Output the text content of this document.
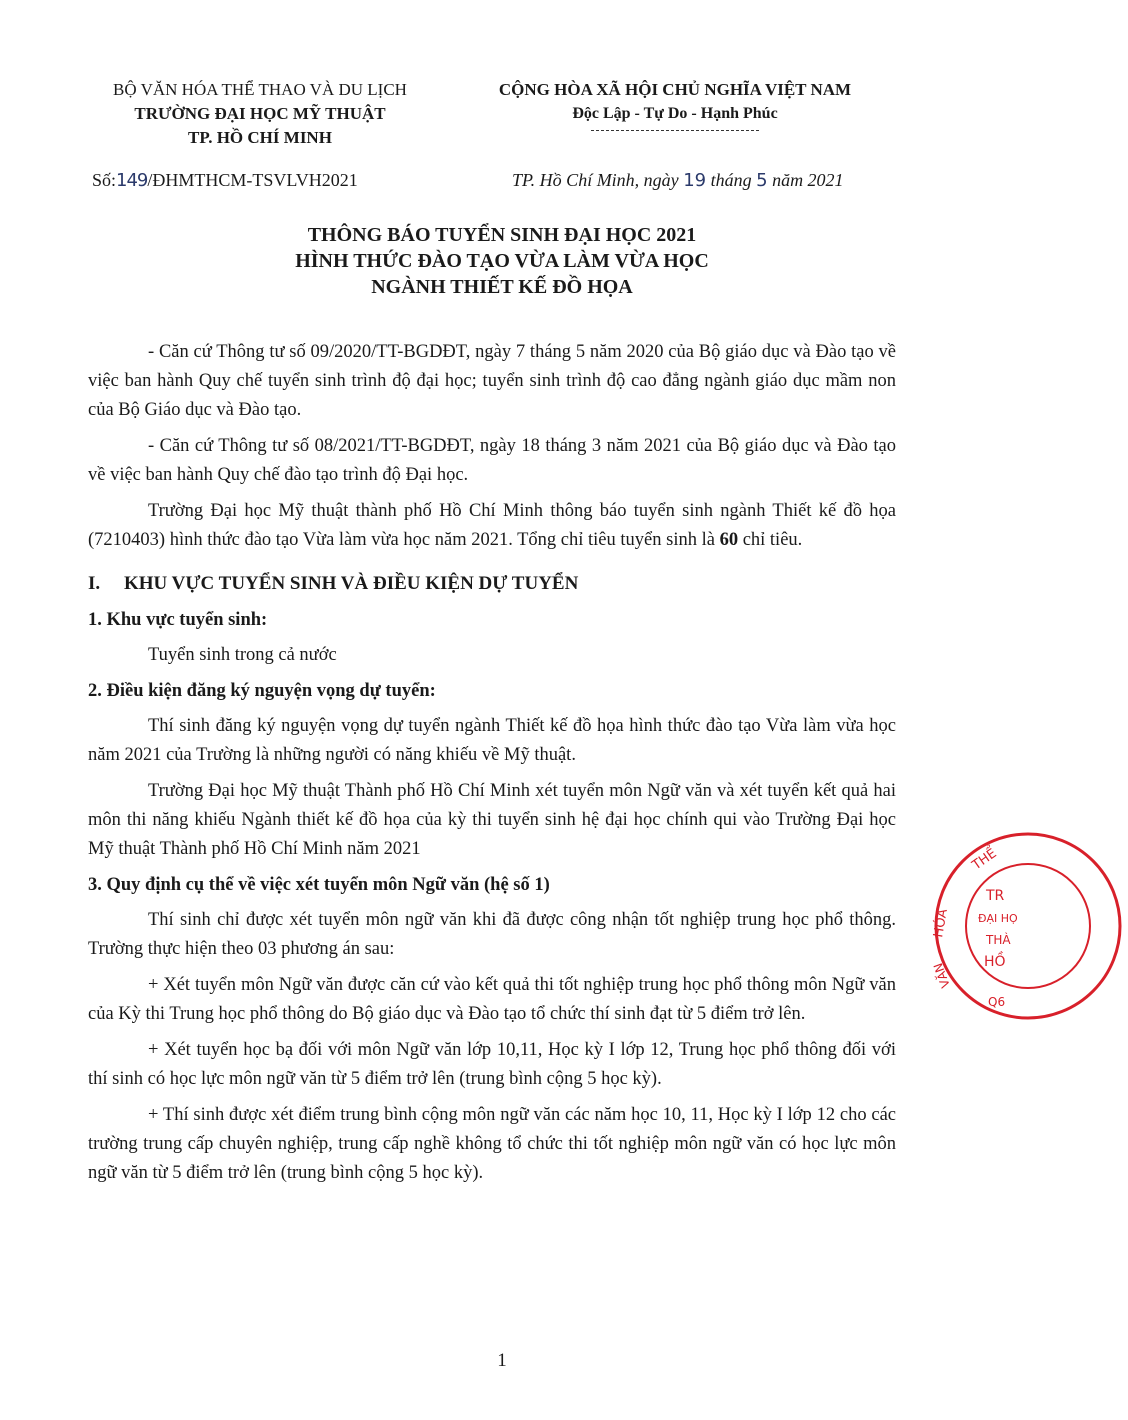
BỘ VĂN HÓA THỂ THAO VÀ DU LỊCH
TRƯỜNG ĐẠI HỌC MỸ THUẬT
TP. HỒ CHÍ MINH
CỘNG HÒA XÃ HỘI CHỦ NGHĨA VIỆT NAM
Độc Lập - Tự Do - Hạnh Phúc
Số:149/ĐHMTHCM-TSVLVH2021	TP. Hồ Chí Minh, ngày 19 tháng 5 năm 2021
THÔNG BÁO TUYỂN SINH ĐẠI HỌC 2021
HÌNH THỨC ĐÀO TẠO VỪA LÀM VỪA HỌC
NGÀNH THIẾT KẾ ĐỒ HỌA

- Căn cứ Thông tư số 09/2020/TT-BGDĐT, ngày 7 tháng 5 năm 2020 của Bộ giáo dục và Đào tạo về việc ban hành Quy chế tuyển sinh trình độ đại học; tuyển sinh trình độ cao đẳng ngành giáo dục mầm non của Bộ Giáo dục và Đào tạo.

- Căn cứ Thông tư số 08/2021/TT-BGDĐT, ngày 18 tháng 3 năm 2021 của Bộ giáo dục và Đào tạo về việc ban hành Quy chế đào tạo trình độ Đại học.

Trường Đại học Mỹ thuật thành phố Hồ Chí Minh thông báo tuyển sinh ngành Thiết kế đồ họa (7210403) hình thức đào tạo Vừa làm vừa học năm 2021. Tổng chỉ tiêu tuyển sinh là 60 chỉ tiêu.

I. KHU VỰC TUYỂN SINH VÀ ĐIỀU KIỆN DỰ TUYỂN
1. Khu vực tuyển sinh:

Tuyển sinh trong cả nước

2. Điều kiện đăng ký nguyện vọng dự tuyển:

Thí sinh đăng ký nguyện vọng dự tuyển ngành Thiết kế đồ họa hình thức đào tạo Vừa làm vừa học năm 2021 của Trường là những người có năng khiếu về Mỹ thuật.

Trường Đại học Mỹ thuật Thành phố Hồ Chí Minh xét tuyển môn Ngữ văn và xét tuyển kết quả hai môn thi năng khiếu Ngành thiết kế đồ họa của kỳ thi tuyển sinh hệ đại học chính qui vào Trường Đại học Mỹ thuật Thành phố Hồ Chí Minh năm 2021

3. Quy định cụ thể về việc xét tuyển môn Ngữ văn (hệ số 1)

Thí sinh chỉ được xét tuyển môn ngữ văn khi đã được công nhận tốt nghiệp trung học phổ thông. Trường thực hiện theo 03 phương án sau:

+ Xét tuyển môn Ngữ văn được căn cứ vào kết quả thi tốt nghiệp trung học phổ thông môn Ngữ văn của Kỳ thi Trung học phổ thông do Bộ giáo dục và Đào tạo tổ chức thí sinh đạt từ 5 điểm trở lên.

+ Xét tuyển học bạ đối với môn Ngữ văn lớp 10,11, Học kỳ I lớp 12, Trung học phổ thông đối với thí sinh có học lực môn ngữ văn từ 5 điểm trở lên (trung bình cộng 5 học kỳ).

+ Thí sinh được xét điểm trung bình cộng môn ngữ văn các năm học 10, 11, Học kỳ I lớp 12 cho các trường trung cấp chuyên nghiệp, trung cấp nghề không tổ chức thi tốt nghiệp môn ngữ văn có học lực môn ngữ văn từ 5 điểm trở lên (trung bình cộng 5 học kỳ).

1
THỂ
HÓA
VĂN
TR
ĐẠI HỌ
THÀ
HỒ
Q6
